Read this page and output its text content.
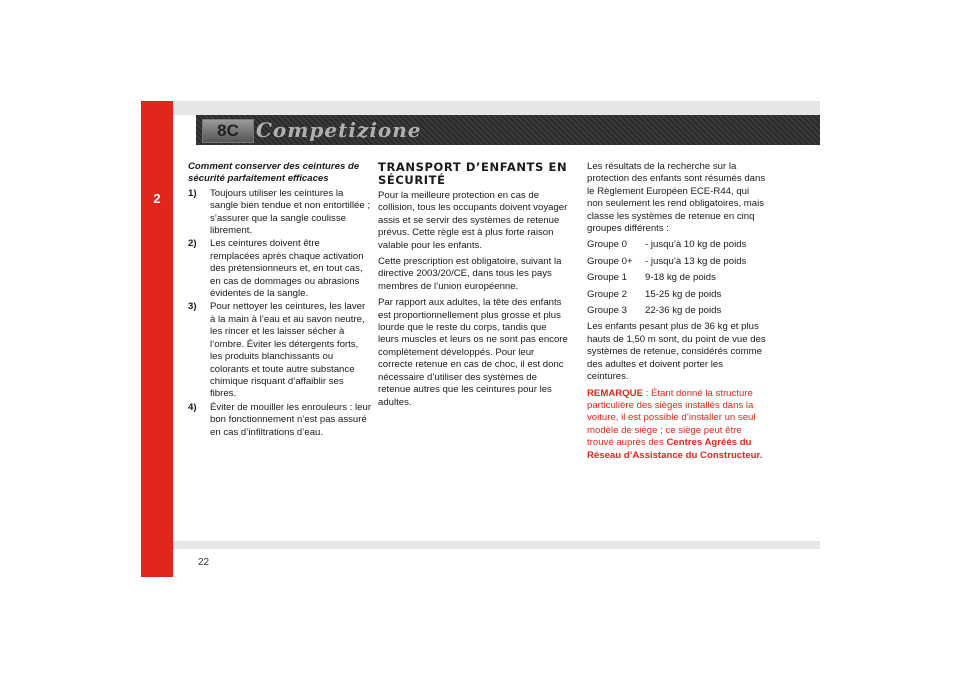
2
8C Competizione
Comment conserver des ceintures de sécurité parfaitement efficaces
1)	Toujours utiliser les ceintures la sangle bien tendue et non entortillée ; s’assurer que la sangle coulisse librement.
2)	Les ceintures doivent être remplacées après chaque activation des prétensionneurs et, en tout cas, en cas de dommages ou abrasions évidentes de la sangle.
3)	Pour nettoyer les ceintures, les laver à la main à l’eau et au savon neutre, les rincer et les laisser sécher à l’ombre. Éviter les détergents forts, les produits blanchissants ou colorants et toute autre substance chimique risquant d’affaiblir ses fibres.
4)	Éviter de mouiller les enrouleurs : leur bon fonctionnement n’est pas assuré en cas d’infiltrations d’eau.
TRANSPORT D’ENFANTS EN SÉCURITÉ

Pour la meilleure protection en cas de collision, tous les occupants doivent voyager assis et se servir des systèmes de retenue prévus. Cette règle est à plus forte raison valable pour les enfants.

Cette prescription est obligatoire, suivant la directive 2003/20/CE, dans tous les pays membres de l’union européenne.

Par rapport aux adultes, la tête des enfants est proportionnellement plus grosse et plus lourde que le reste du corps, tandis que leurs muscles et leurs os ne sont pas encore complètement développés. Pour leur correcte retenue en cas de choc, il est donc nécessaire d’utiliser des systèmes de retenue autres que les ceintures pour les adultes.

Les résultats de la recherche sur la protection des enfants sont résumés dans le Règlement Européen ECE-R44, qui non seulement les rend obligatoires, mais classe les systèmes de retenue en cinq groupes différents :

Groupe 0	- jusqu’à 10 kg de poids
Groupe 0+	- jusqu’à 13 kg de poids
Groupe 1	9-18 kg de poids
Groupe 2	15-25 kg de poids
Groupe 3	22-36 kg de poids

Les enfants pesant plus de 36 kg et plus hauts de 1,50 m sont, du point de vue des systèmes de retenue, considérés comme des adultes et doivent porter les ceintures.

REMARQUE : Étant donné la structure particulière des sièges installés dans la voiture, il est possible d’installer un seul modèle de siège ; ce siège peut être trouvé auprès des Centres Agréés du Réseau d’Assistance du Constructeur.

22
